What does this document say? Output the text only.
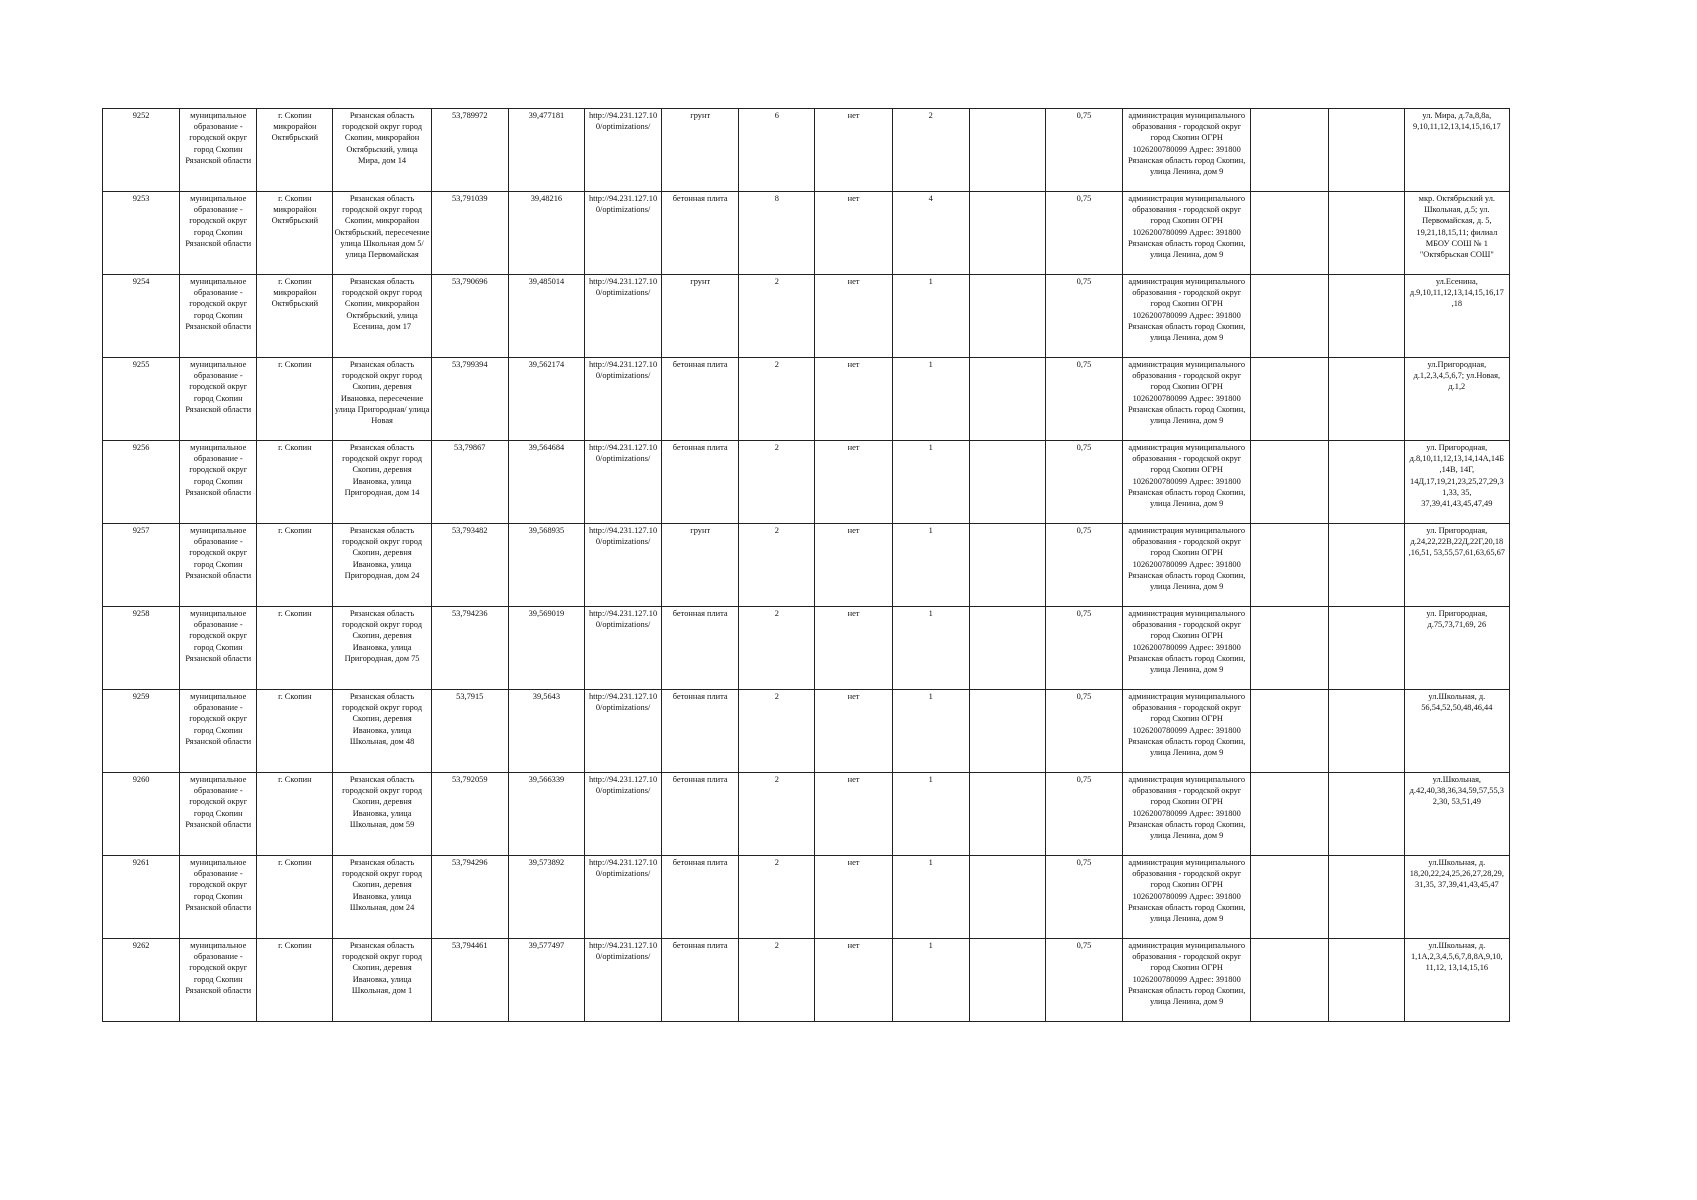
9252	муниципальное образование - городской округ город Скопин Рязанской области	г. Скопин микрорайон Октябрьский	Рязанская область городской округ город Скопин, микрорайон Октябрьский, улица Мира, дом 14	53,789972	39,477181	http://94.231.127.10 0/optimizations/	грунт	6	нет	2		0,75	администрация муниципального образования - городской округ город Скопин ОГРН 1026200780099 Адрес: 391800 Рязанская область город Скопин, улица Ленина, дом 9			ул. Мира, д.7а,8,8а, 9,10,11,12,13,14,15,16,17
9253	муниципальное образование - городской округ город Скопин Рязанской области	г. Скопин микрорайон Октябрьский	Рязанская область городской округ город Скопин, микрорайон Октябрьский, пересечение улица Школьная дом 5/ улица Первомайская	53,791039	39,48216	http://94.231.127.10 0/optimizations/	бетонная плита	8	нет	4		0,75	администрация муниципального образования - городской округ город Скопин ОГРН 1026200780099 Адрес: 391800 Рязанская область город Скопин, улица Ленина, дом 9			мкр. Октябрьский ул. Школьная, д.5; ул. Первомайская, д. 5, 19,21,18,15,11; филиал МБОУ СОШ № 1 "Октябрьская СОШ"
9254	муниципальное образование - городской округ город Скопин Рязанской области	г. Скопин микрорайон Октябрьский	Рязанская область городской округ город Скопин, микрорайон Октябрьский, улица Есенина, дом 17	53,790696	39,485014	http://94.231.127.10 0/optimizations/	грунт	2	нет	1		0,75	администрация муниципального образования - городской округ город Скопин ОГРН 1026200780099 Адрес: 391800 Рязанская область город Скопин, улица Ленина, дом 9			ул.Есенина, д.9,10,11,12,13,14,15,16,17 ,18
9255	муниципальное образование - городской округ город Скопин Рязанской области	г. Скопин	Рязанская область городской округ город Скопин, деревня Ивановка, пересечение улица Пригородная/ улица Новая	53,799394	39,562174	http://94.231.127.10 0/optimizations/	бетонная плита	2	нет	1		0,75	администрация муниципального образования - городской округ город Скопин ОГРН 1026200780099 Адрес: 391800 Рязанская область город Скопин, улица Ленина, дом 9			ул.Пригородная, д.1,2,3,4,5,6,7; ул.Новая, д.1,2
9256	муниципальное образование - городской округ город Скопин Рязанской области	г. Скопин	Рязанская область городской округ город Скопин, деревня Ивановка, улица Пригородная, дом 14	53,79867	39,564684	http://94.231.127.10 0/optimizations/	бетонная плита	2	нет	1		0,75	администрация муниципального образования - городской округ город Скопин ОГРН 1026200780099 Адрес: 391800 Рязанская область город Скопин, улица Ленина, дом 9			ул. Пригородная, д.8,10,11,12,13,14,14А,14Б ,14В, 14Г, 14Д,17,19,21,23,25,27,29,3 1,33, 35, 37,39,41,43,45,47,49
9257	муниципальное образование - городской округ город Скопин Рязанской области	г. Скопин	Рязанская область городской округ город Скопин, деревня Ивановка, улица Пригородная, дом 24	53,793482	39,568935	http://94.231.127.10 0/optimizations/	грунт	2	нет	1		0,75	администрация муниципального образования - городской округ город Скопин ОГРН 1026200780099 Адрес: 391800 Рязанская область город Скопин, улица Ленина, дом 9			ул. Пригородная, д.24,22,22В,22Д,22Г,20,18 ,16,51, 53,55,57,61,63,65,67
9258	муниципальное образование - городской округ город Скопин Рязанской области	г. Скопин	Рязанская область городской округ город Скопин, деревня Ивановка, улица Пригородная, дом 75	53,794236	39,569019	http://94.231.127.10 0/optimizations/	бетонная плита	2	нет	1		0,75	администрация муниципального образования - городской округ город Скопин ОГРН 1026200780099 Адрес: 391800 Рязанская область город Скопин, улица Ленина, дом 9			ул. Пригородная, д.75,73,71,69, 26
9259	муниципальное образование - городской округ город Скопин Рязанской области	г. Скопин	Рязанская область городской округ город Скопин, деревня Ивановка, улица Школьная, дом 48	53,7915	39,5643	http://94.231.127.10 0/optimizations/	бетонная плита	2	нет	1		0,75	администрация муниципального образования - городской округ город Скопин ОГРН 1026200780099 Адрес: 391800 Рязанская область город Скопин, улица Ленина, дом 9			ул.Школьная, д. 56,54,52,50,48,46,44
9260	муниципальное образование - городской округ город Скопин Рязанской области	г. Скопин	Рязанская область городской округ город Скопин, деревня Ивановка, улица Школьная, дом 59	53,792059	39,566339	http://94.231.127.10 0/optimizations/	бетонная плита	2	нет	1		0,75	администрация муниципального образования - городской округ город Скопин ОГРН 1026200780099 Адрес: 391800 Рязанская область город Скопин, улица Ленина, дом 9			ул.Школьная, д.42,40,38,36,34,59,57,55,3 2,30, 53,51,49
9261	муниципальное образование - городской округ город Скопин Рязанской области	г. Скопин	Рязанская область городской округ город Скопин, деревня Ивановка, улица Школьная, дом 24	53,794296	39,573892	http://94.231.127.10 0/optimizations/	бетонная плита	2	нет	1		0,75	администрация муниципального образования - городской округ город Скопин ОГРН 1026200780099 Адрес: 391800 Рязанская область город Скопин, улица Ленина, дом 9			ул.Школьная, д. 18,20,22,24,25,26,27,28,29, 31,35, 37,39,41,43,45,47
9262	муниципальное образование - городской округ город Скопин Рязанской области	г. Скопин	Рязанская область городской округ город Скопин, деревня Ивановка, улица Школьная, дом 1	53,794461	39,577497	http://94.231.127.10 0/optimizations/	бетонная плита	2	нет	1		0,75	администрация муниципального образования - городской округ город Скопин ОГРН 1026200780099 Адрес: 391800 Рязанская область город Скопин, улица Ленина, дом 9			ул.Школьная, д. 1,1А,2,3,4,5,6,7,8,8А,9,10, 11,12, 13,14,15,16
